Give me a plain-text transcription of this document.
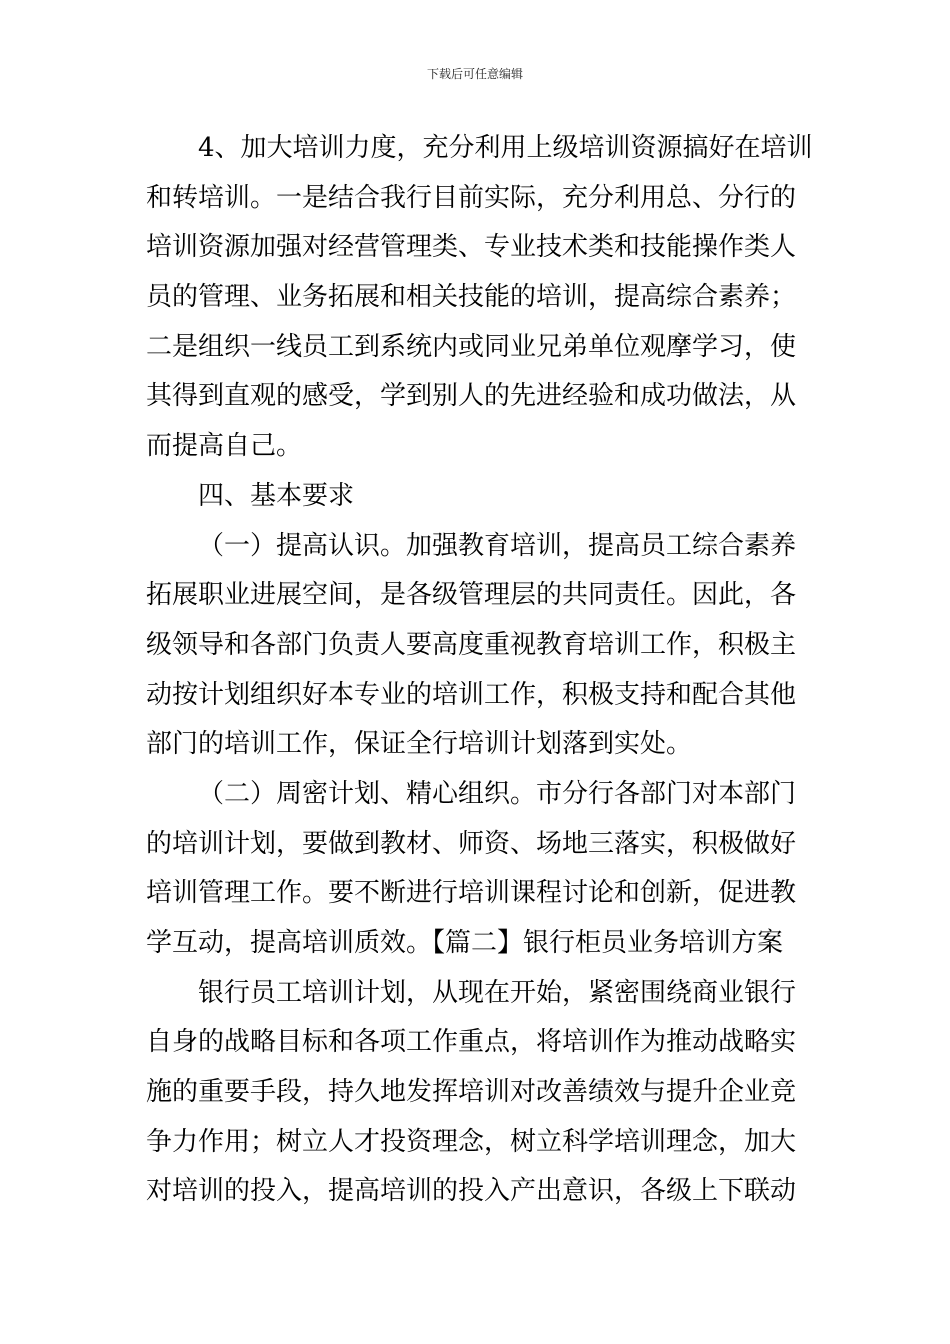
下载后可任意编辑
4、加大培训力度，充分利用上级培训资源搞好在培训
和转培训。一是结合我行目前实际，充分利用总、分行的
培训资源加强对经营管理类、专业技术类和技能操作类人
员的管理、业务拓展和相关技能的培训，提高综合素养；
二是组织一线员工到系统内或同业兄弟单位观摩学习，使
其得到直观的感受，学到别人的先进经验和成功做法，从
而提高自己。
四、基本要求
（一）提高认识。加强教育培训，提高员工综合素养
拓展职业进展空间，是各级管理层的共同责任。因此，各
级领导和各部门负责人要高度重视教育培训工作，积极主
动按计划组织好本专业的培训工作，积极支持和配合其他
部门的培训工作，保证全行培训计划落到实处。
（二）周密计划、精心组织。市分行各部门对本部门
的培训计划，要做到教材、师资、场地三落实，积极做好
培训管理工作。要不断进行培训课程讨论和创新，促进教
学互动，提高培训质效。【篇二】银行柜员业务培训方案
银行员工培训计划，从现在开始，紧密围绕商业银行
自身的战略目标和各项工作重点，将培训作为推动战略实
施的重要手段，持久地发挥培训对改善绩效与提升企业竞
争力作用；树立人才投资理念，树立科学培训理念，加大
对培训的投入，提高培训的投入产出意识，各级上下联动
